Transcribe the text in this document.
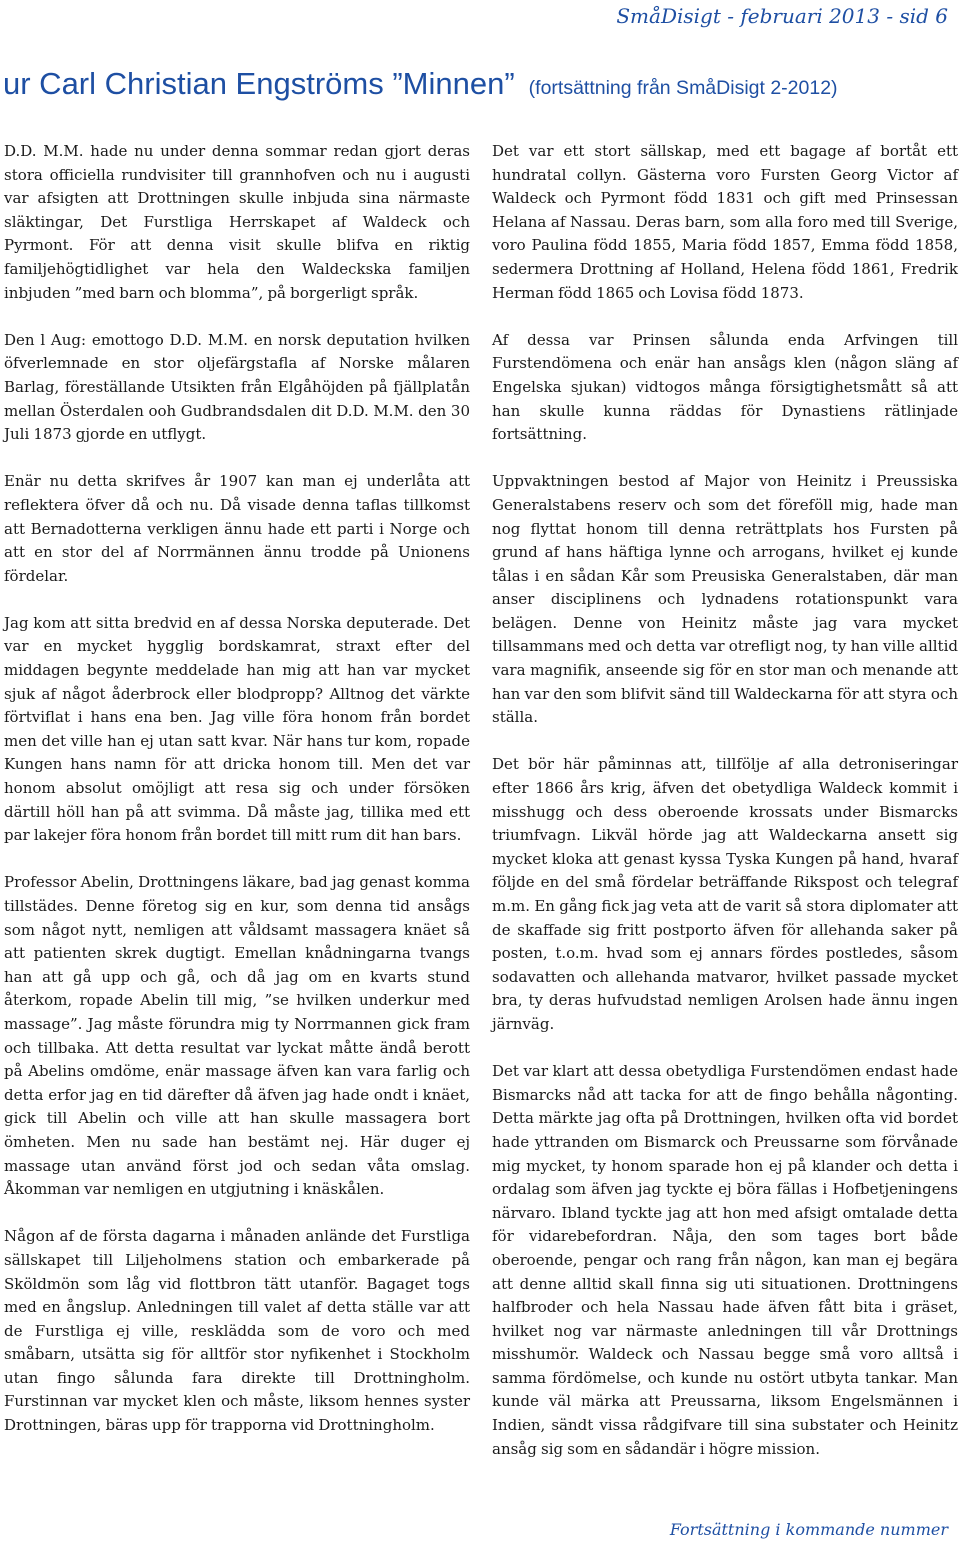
SmåDisigt - februari 2013 - sid 6
ur Carl Christian Engströms ”Minnen” (fortsättning från SmåDisigt 2-2012)

D.D. M.M. hade nu under denna sommar redan gjort deras stora officiella rundvisiter till grannhofven och nu i augusti var afsigten att Drottningen skulle inbjuda sina närmaste släktingar, Det Furstliga Herrskapet af Waldeck och Pyrmont. För att denna visit skulle blifva en riktig familjehögtidlighet var hela den Waldeckska familjen inbjuden ”med barn och blomma”, på borgerligt språk.

Den l Aug: emottogo D.D. M.M. en norsk deputation hvilken öfverlemnade en stor oljefärgstafla af Norske målaren Barlag, föreställande Utsikten från Elgåhöjden på fjällplatån mellan Österdalen ooh Gudbrandsdalen dit D.D. M.M. den 30 Juli 1873 gjorde en utflygt.

Enär nu detta skrifves år 1907 kan man ej underlåta att reflektera öfver då och nu. Då visade denna taflas tillkomst att Bernadotterna verkligen ännu hade ett parti i Norge och att en stor del af Norrmännen ännu trodde på Unionens fördelar.

Jag kom att sitta bredvid en af dessa Norska deputerade. Det var en mycket hygglig bordskamrat, straxt efter del middagen begynte meddelade han mig att han var mycket sjuk af något åderbrock eller blodpropp? Alltnog det värkte förtviflat i hans ena ben. Jag ville föra honom från bordet men det ville han ej utan satt kvar. När hans tur kom, ropade Kungen hans namn för att dricka honom till. Men det var honom absolut omöjligt att resa sig och under försöken därtill höll han på att svimma. Då måste jag, tillika med ett par lakejer föra honom från bordet till mitt rum dit han bars.

Professor Abelin, Drottningens läkare, bad jag genast komma tillstädes. Denne företog sig en kur, som denna tid ansågs som något nytt, nemligen att våldsamt massagera knäet så att patienten skrek dugtigt. Emellan knådningarna tvangs han att gå upp och gå, och då jag om en kvarts stund återkom, ropade Abelin till mig, ”se hvilken underkur med massage”. Jag måste förundra mig ty Norrmannen gick fram och tillbaka. Att detta resultat var lyckat måtte ändå berott på Abelins omdöme, enär massage äfven kan vara farlig och detta erfor jag en tid därefter då äfven jag hade ondt i knäet, gick till Abelin och ville att han skulle massagera bort ömheten. Men nu sade han bestämt nej. Här duger ej massage utan använd först jod och sedan våta omslag. Åkomman var nemligen en utgjutning i knäskålen.

Någon af de första dagarna i månaden anlände det Furstliga sällskapet till Liljeholmens station och embarkerade på Sköldmön som låg vid flottbron tätt utanför. Bagaget togs med en ångslup. Anledningen till valet af detta ställe var att de Furstliga ej ville, resklädda som de voro och med småbarn, utsätta sig för alltför stor nyfikenhet i Stockholm utan fingo sålunda fara direkte till Drottningholm. Furstinnan var mycket klen och måste, liksom hennes syster Drottningen, bäras upp för trapporna vid Drottningholm.

Det var ett stort sällskap, med ett bagage af bortåt ett hundratal collyn. Gästerna voro Fursten Georg Victor af Waldeck och Pyrmont född 1831 och gift med Prinsessan Helana af Nassau. Deras barn, som alla foro med till Sverige, voro Paulina född 1855, Maria född 1857, Emma född 1858, sedermera Drottning af Holland, Helena född 1861, Fredrik Herman född 1865 och Lovisa född 1873.

Af dessa var Prinsen sålunda enda Arfvingen till Furstendömena och enär han ansågs klen (någon släng af Engelska sjukan) vidtogos många försigtighetsmått så att han skulle kunna räddas för Dynastiens rätlinjade fortsättning.

Uppvaktningen bestod af Major von Heinitz i Preussiska Generalstabens reserv och som det föreföll mig, hade man nog flyttat honom till denna reträttplats hos Fursten på grund af hans häftiga lynne och arrogans, hvilket ej kunde tålas i en sådan Kår som Preusiska Generalstaben, där man anser disciplinens och lydnadens rotationspunkt vara belägen. Denne von Heinitz måste jag vara mycket tillsammans med och detta var otrefligt nog, ty han ville alltid vara magnifik, anseende sig för en stor man och menande att han var den som blifvit sänd till Waldeckarna för att styra och ställa.

Det bör här påminnas att, tillfölje af alla detroniseringar efter 1866 års krig, äfven det obetydliga Waldeck kommit i misshugg och dess oberoende krossats under Bismarcks triumfvagn. Likväl hörde jag att Waldeckarna ansett sig mycket kloka att genast kyssa Tyska Kungen på hand, hvaraf följde en del små fördelar beträffande Rikspost och telegraf m.m. En gång fick jag veta att de varit så stora diplomater att de skaffade sig fritt postporto äfven för allehanda saker på posten, t.o.m. hvad som ej annars fördes postledes, såsom sodavatten och allehanda matvaror, hvilket passade mycket bra, ty deras hufvudstad nemligen Arolsen hade ännu ingen järnväg.

Det var klart att dessa obetydliga Furstendömen endast hade Bismarcks nåd att tacka for att de fingo behålla någonting. Detta märkte jag ofta på Drottningen, hvilken ofta vid bordet hade yttranden om Bismarck och Preussarne som förvånade mig mycket, ty honom sparade hon ej på klander och detta i ordalag som äfven jag tyckte ej böra fällas i Hofbetjeningens närvaro. Ibland tyckte jag att hon med afsigt omtalade detta för vidarebefordran. Nåja, den som tages bort både oberoende, pengar och rang från någon, kan man ej begära att denne alltid skall finna sig uti situationen. Drottningens halfbroder och hela Nassau hade äfven fått bita i gräset, hvilket nog var närmaste anledningen till vår Drottnings misshumör. Waldeck och Nassau begge små voro alltså i samma fördömelse, och kunde nu ostört utbyta tankar. Man kunde väl märka att Preussarna, liksom Engelsmännen i Indien, sändt vissa rådgifvare till sina substater och Heinitz ansåg sig som en sådandär i högre mission.

Fortsättning i kommande nummer
